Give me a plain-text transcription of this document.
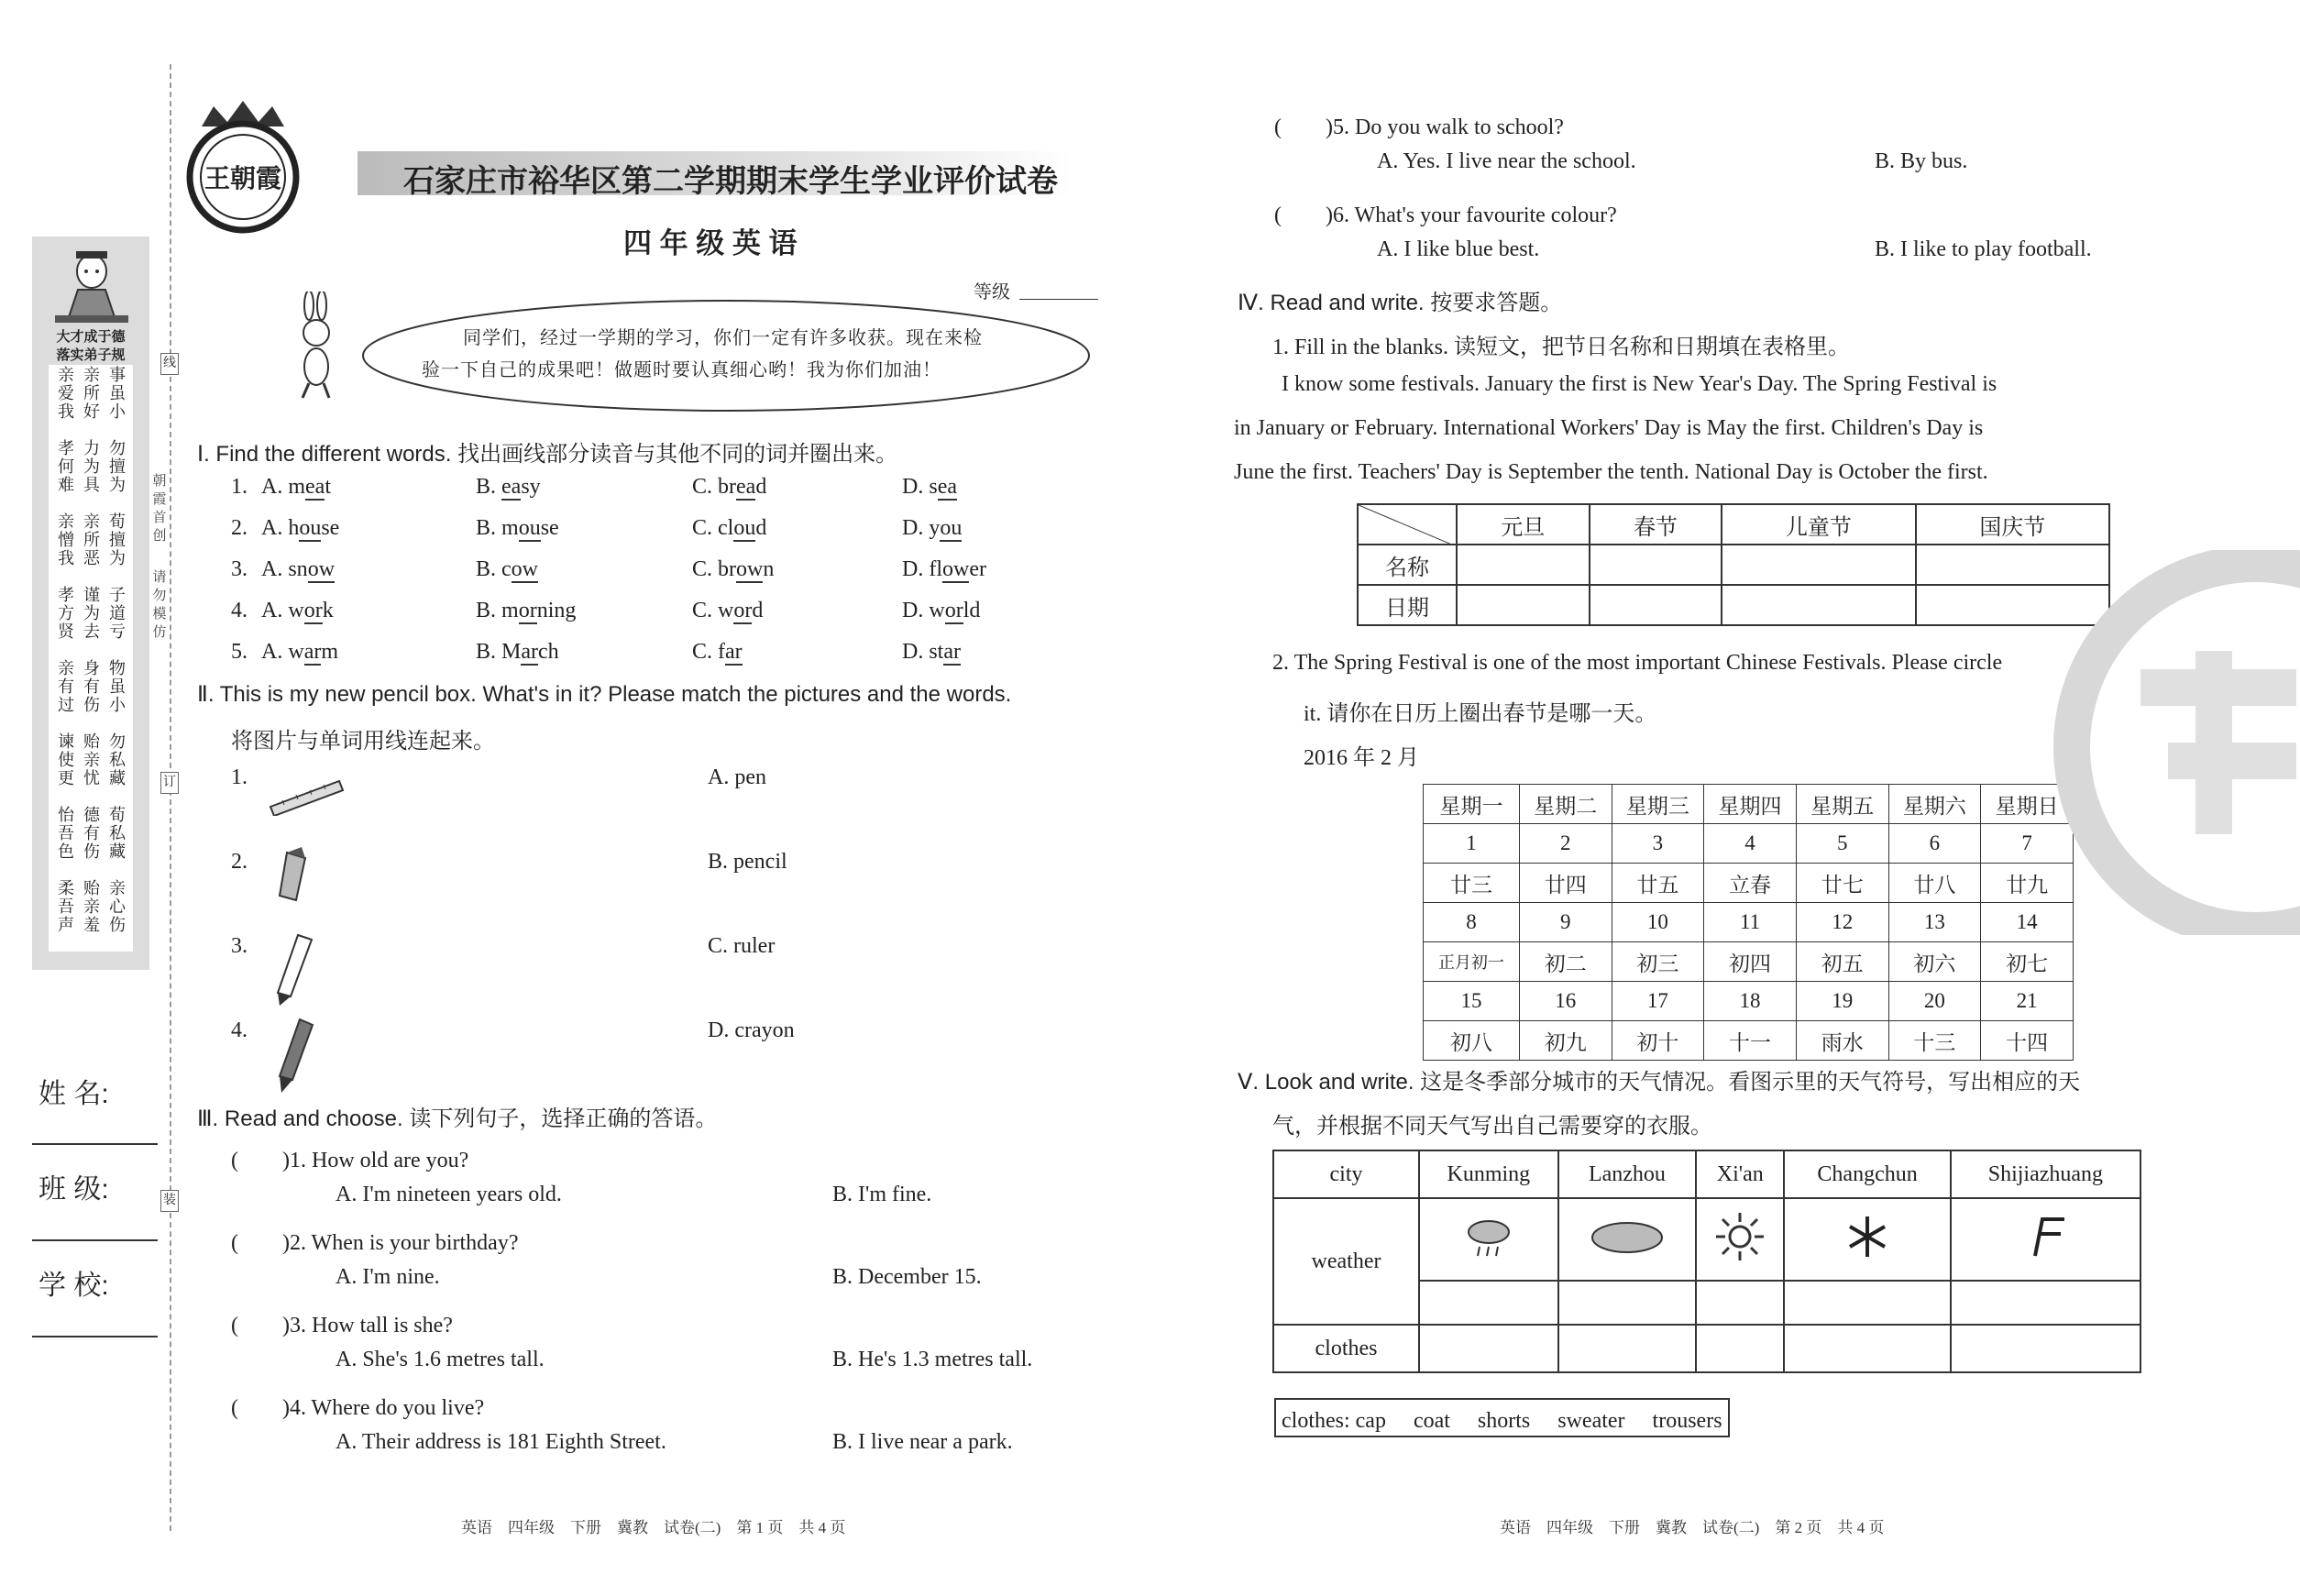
大才成于德
落实弟子规
亲
爱
我
亲
所
好
事
虽
小
孝
何
难
力
为
具
勿
擅
为
亲
憎
我
亲
所
恶
荀
擅
为
孝
方
贤
谨
为
去
子
道
亏
亲
有
过
身
有
伤
物
虽
小
谏
使
更
贻
亲
忧
勿
私
藏
怡
吾
色
德
有
伤
荀
私
藏
柔
吾
声
贻
亲
羞
亲
心
伤
朝
霞
首
创
请
勿
模
仿
线
订
装
姓 名:
班 级:
学 校:
王朝霞	石家庄市裕华区第二学期期末学生学业评价试卷
四 年 级 英 语
等级
同学们，经过一学期的学习，你们一定有许多收获。现在来检
验一下自己的成果吧！做题时要认真细心哟！我为你们加油！
Ⅰ. Find the different words. 找出画线部分读音与其他不同的词并圈出来。
1. A. meat	B. easy	C. bread	D. sea
2. A. house	B. mouse	C. cloud	D. you
3. A. snow	B. cow	C. brown	D. flower
4. A. work	B. morning	C. word	D. world
5. A. warm	B. March	C. far	D. star
Ⅱ. This is my new pencil box. What's in it? Please match the pictures and the words.
将图片与单词用线连起来。
1.	A. pen
2.	B. pencil
3.	C. ruler
4.	D. crayon
Ⅲ. Read and choose. 读下列句子，选择正确的答语。
(　　)1. How old are you?
A. I'm nineteen years old.	B. I'm fine.
(　　)2. When is your birthday?
A. I'm nine.	B. December 15.
(　　)3. How tall is she?
A. She's 1.6 metres tall.	B. He's 1.3 metres tall.
(　　)4. Where do you live?
A. Their address is 181 Eighth Street.	B. I live near a park.
(　　)5. Do you walk to school?
A. Yes. I live near the school.	B. By bus.
(　　)6. What's your favourite colour?
A. I like blue best.	B. I like to play football.
Ⅳ. Read and write. 按要求答题。
1. Fill in the blanks. 读短文，把节日名称和日期填在表格里。
I know some festivals. January the first is New Year's Day. The Spring Festival is
in January or February. International Workers' Day is May the first. Children's Day is
June the first. Teachers' Day is September the tenth. National Day is October the first.
	元旦	春节	儿童节	国庆节
名称				
日期				
2. The Spring Festival is one of the most important Chinese Festivals. Please circle
it. 请你在日历上圈出春节是哪一天。
2016 年 2 月
星期一	星期二	星期三	星期四	星期五	星期六	星期日
1	2	3	4	5	6	7
廿三	廿四	廿五	立春	廿七	廿八	廿九
8	9	10	11	12	13	14
正月初一	初二	初三	初四	初五	初六	初七
15	16	17	18	19	20	21
初八	初九	初十	十一	雨水	十三	十四
Ⅴ. Look and write. 这是冬季部分城市的天气情况。看图示里的天气符号，写出相应的天
气，并根据不同天气写出自己需要穿的衣服。
city	Kunming	Lanzhou	Xi'an	Changchun	Shijiazhuang
weather					

clothes					
clothes: cap　 coat　 shorts　 sweater　 trousers
英语　四年级　下册　冀教　试卷(二)　第 1 页　共 4 页	英语　四年级　下册　冀教　试卷(二)　第 2 页　共 4 页
